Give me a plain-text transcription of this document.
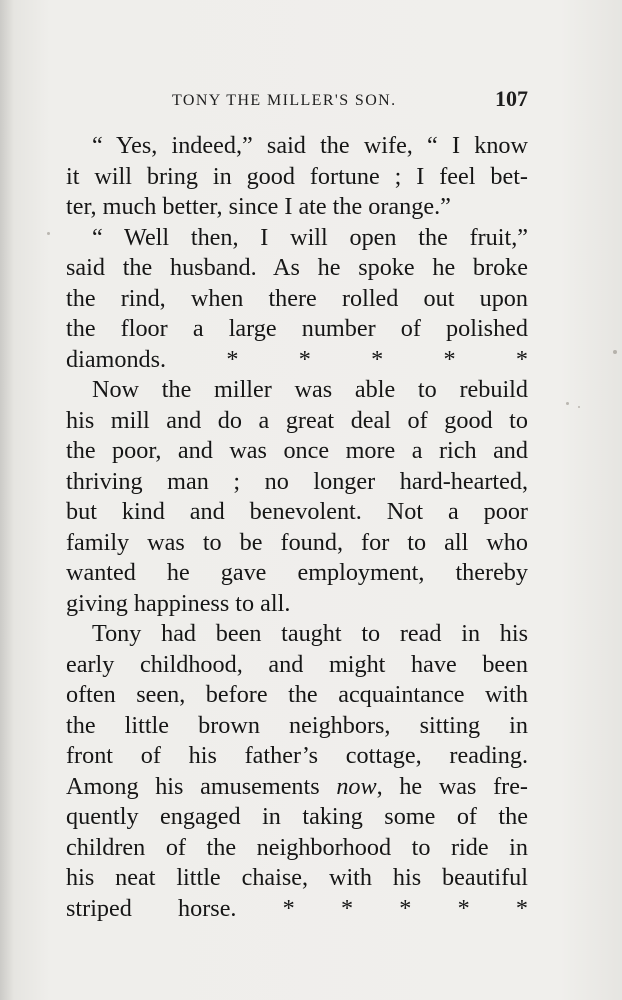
TONY THE MILLER'S SON.	107

“ Yes, indeed,” said the wife, “ I know
it will bring in good fortune ; I feel bet-
ter, much better, since I ate the orange.”

“ Well then, I will open the fruit,”
said the husband. As he spoke he broke
the rind, when there rolled out upon
the floor a large number of polished
diamonds. * * * * *

Now the miller was able to rebuild
his mill and do a great deal of good to
the poor, and was once more a rich and
thriving man ; no longer hard-hearted,
but kind and benevolent. Not a poor
family was to be found, for to all who
wanted he gave employment, thereby
giving happiness to all.

Tony had been taught to read in his
early childhood, and might have been
often seen, before the acquaintance with
the little brown neighbors, sitting in
front of his father’s cottage, reading.
Among his amusements now, he was fre-
quently engaged in taking some of the
children of the neighborhood to ride in
his neat little chaise, with his beautiful
striped horse. * * * * *
